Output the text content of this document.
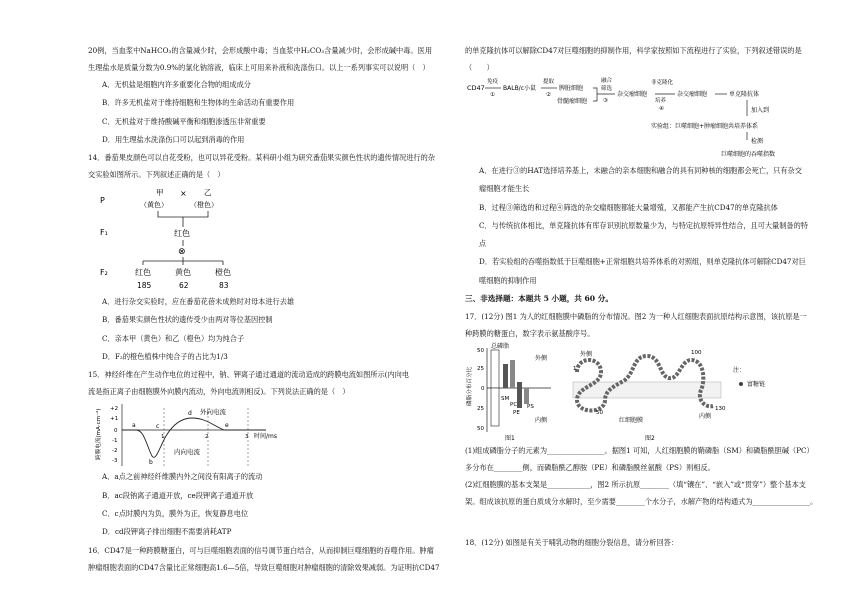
20例，当血浆中NaHCO₃的含量减少时，会形成酸中毒；当血浆中H₂CO₃含量减少时，会形成碱中毒。医用

生理盐水是质量分数为0.9%的氯化钠溶液，临床上可用来补液和洗涤伤口。以上一系列事实可以说明（　）

A．无机盐是细胞内许多重要化合物的组成成分

B．许多无机盐对于维持细胞和生物体的生命活动有重要作用

C．无机盐对于维持酸碱平衡和细胞渗透压非常重要

D．用生理盐水洗涤伤口可以起到消毒的作用

14．番茄果皮颜色可以自花受粉，也可以异花受粉。某科研小组为研究番茄果实颜色性状的遗传情况进行的杂

交实验如图所示。下列叙述正确的是（　）

P
F₁
F₂
甲
（黄色）
× 乙
（橙色）
红色
⊗
红色	黄色	橙色
185	62	83

A．进行杂交实验时，应在番茄花蓓未成熟时对母本进行去雄

B．番茄果实颜色性状的遗传受少由两对等位基因控制

C．亲本甲（黄色）和乙（橙色）均为纯合子

D．F₂的橙色植株中纯合子的占比为1/3

15．神经纤维在产生动作电位的过程中，钠、钾离子通过通道的流动造成的跨膜电流如图所示(内向电

流是指正离子由细胞膜外向膜内流动，外向电流则相反)。下列说法正确的是（　）

跨膜电流(mA·cm⁻²) +2
+1
0
-1
-2
-3
a
b
c
d
e
1	2	3 时间/ms
外向电流
内向电流

A．a点之前神经纤维膜内外之间没有阳离子的流动

B．ac段钠离子通道开放，ce段钾离子通道开放

C．c点时膜内为负，膜外为正，恢复静息电位

D．cd段钾离子排出细胞不需要消耗ATP

16．CD47是一种跨膜糖蛋白，可与巨噬细胞表面的信号调节蛋白结合，从而抑制巨噬细胞的吞噬作用。肿瘤

肿瘤细胞表面的CD47含量比正常细胞高1.6—5倍，导致巨噬细胞对肿瘤细胞的清除效果减弱。为证明抗CD47

的单克隆抗体可以解除CD47对巨噬细胞的抑制作用，科学家按照如下流程进行了实验，下列叙述错误的是

（　　）

CD47
免疫
①
BALB/c小鼠
提取
②
脾脏细胞
骨髓瘤细胞
融合
筛选
③
杂交瘤细胞
非克隆化
培养
④
杂交瘤细胞	单克隆抗体
加入到
实验组：巨噬细胞+肿瘤细胞共培养体系
检测
巨噬细胞的吞噬指数

A．在进行③的HAT选择培养基上，未融合的亲本细胞和融合的具有同种核的细胞都会死亡，只有杂交

瘤细胞才能生长

B．过程③筛选的和过程④筛选的杂交瘤细胞都能大量增殖，又都能产生抗CD47的单克隆抗体

C．与传统抗体相比，单克隆抗体有库存识别抗原数量少为，与特定抗原特异性结合，且可大量制备的特

点

D．若实验组的吞噬指数低于巨噬细胞+正常细胞共培养体系的对照组，则单克隆抗体可解除CD47对巨

噬细胞的抑制作用

三、非选择题：本题共 5 小题，共 60 分。

17．(12分) 图1 为人的红细胞膜中磷脂的分布情况。图2 为一种人红细胞表面抗原结构示意图，该抗原是一

种跨膜的糖蛋白，数字表示氨基酸序号。

磷脂分布百分比
50
25
0
25
50
总磷脂
外侧
内侧
SM
PC
PE
PS
图1
外侧
内侧
红细胞膜
1
50
100
130
注：
富糖链
图2

(1)组成磷脂分子的元素为________________。据图1 可知，人红细胞膜的鞘磷脂（SM）和磷脂酰胆碱（PC）

多分布在________侧，而磷脂酰乙醇胺（PE）和磷脂酰丝氨酸（PS）则相反。

(2)红细胞膜的基本支架是____________，图2 所示抗原________（填“镶在”、“嵌入”或“贯穿”）整个基本支

架。组成该抗原的蛋白质成分水解时，至少需要________个水分子，水解产物的结构通式为________________。

18．(12分) 如图是有关于哺乳动物的细胞分裂信息，请分析回答：
